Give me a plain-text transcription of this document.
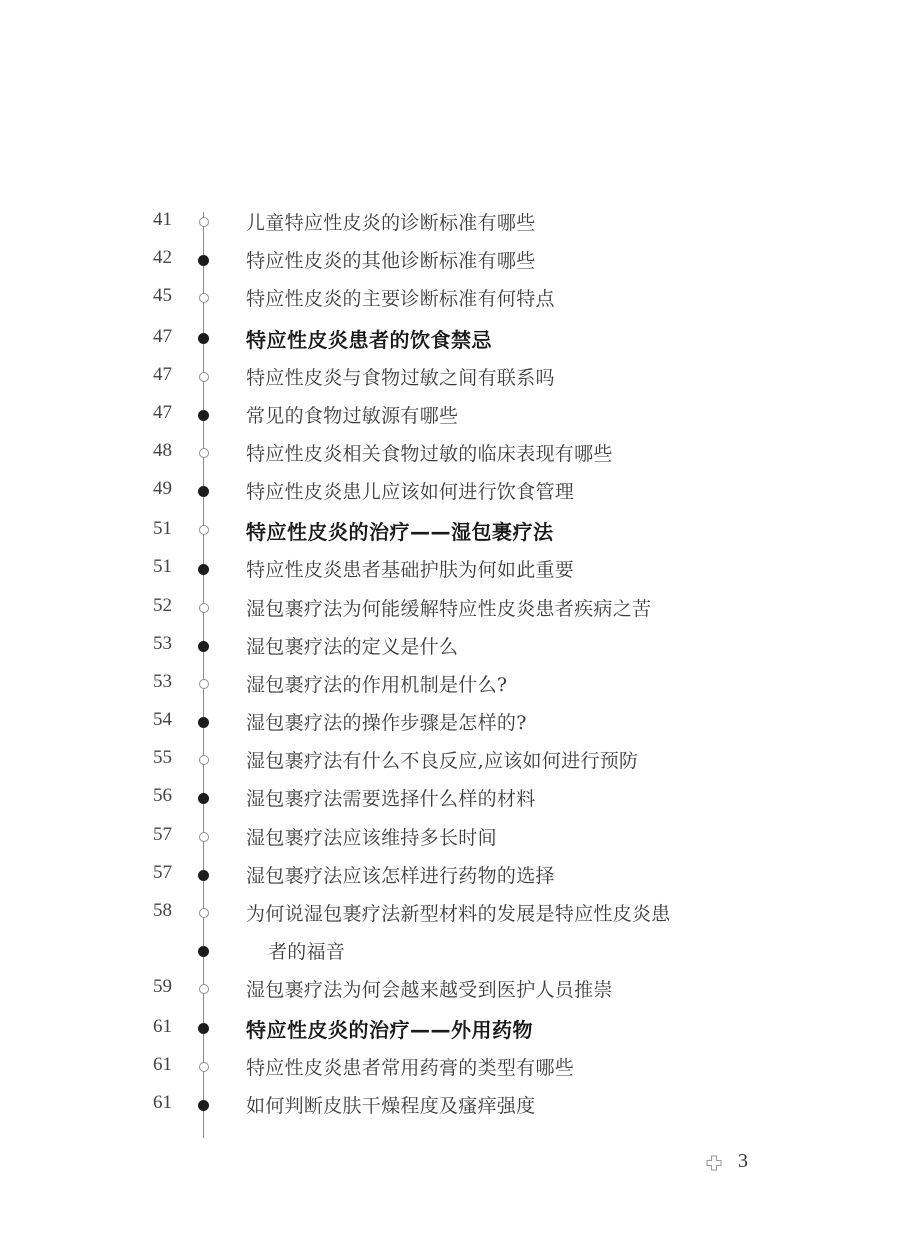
41	儿童特应性皮炎的诊断标准有哪些
42	特应性皮炎的其他诊断标准有哪些
45	特应性皮炎的主要诊断标准有何特点
47	特应性皮炎患者的饮食禁忌
47	特应性皮炎与食物过敏之间有联系吗
47	常见的食物过敏源有哪些
48	特应性皮炎相关食物过敏的临床表现有哪些
49	特应性皮炎患儿应该如何进行饮食管理
51	特应性皮炎的治疗——湿包裹疗法
51	特应性皮炎患者基础护肤为何如此重要
52	湿包裹疗法为何能缓解特应性皮炎患者疾病之苦
53	湿包裹疗法的定义是什么
53	湿包裹疗法的作用机制是什么?
54	湿包裹疗法的操作步骤是怎样的?
55	湿包裹疗法有什么不良反应,应该如何进行预防
56	湿包裹疗法需要选择什么样的材料
57	湿包裹疗法应该维持多长时间
57	湿包裹疗法应该怎样进行药物的选择
58	为何说湿包裹疗法新型材料的发展是特应性皮炎患
者的福音
59	湿包裹疗法为何会越来越受到医护人员推崇
61	特应性皮炎的治疗——外用药物
61	特应性皮炎患者常用药膏的类型有哪些
61	如何判断皮肤干燥程度及瘙痒强度
3
